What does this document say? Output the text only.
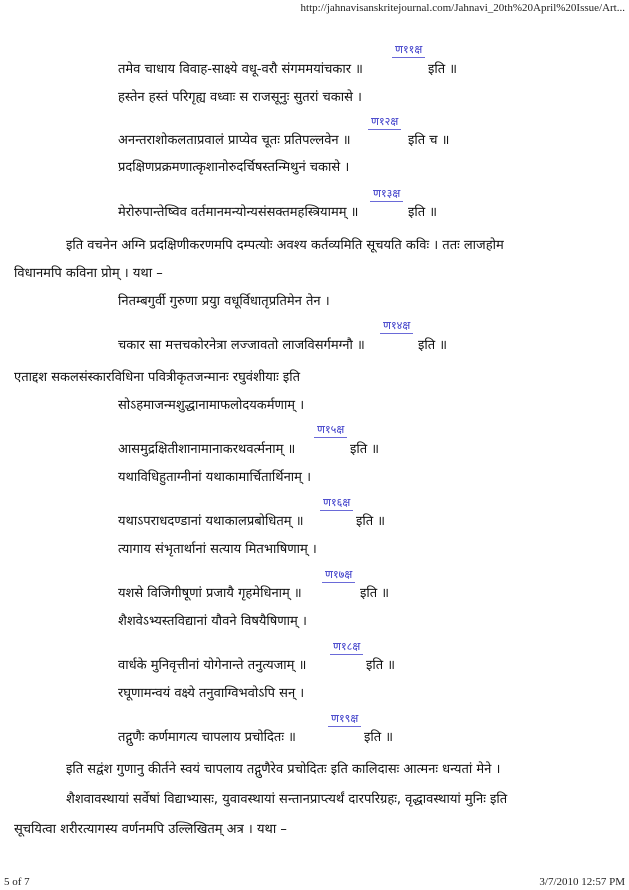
http://jahnavisanskritejournal.com/Jahnavi_20th%20April%20Issue/Art...
तमेव चाधाय विवाह-साक्ष्ये वधू-वरौ संगममयांचकार ॥
ण११क्ष
इति ॥
हस्तेन हस्तं परिगृह्य वध्वाः स राजसूनुः सुतरां चकासे ।
अनन्तराशोकलताप्रवालं प्राप्येव चूतः प्रतिपल्लवेन ॥
ण१२क्ष
इति च ॥
प्रदक्षिणप्रक्रमणात्कृशानोरुदर्चिषस्तन्मिथुनं चकासे ।
मेरोरुपान्तेष्विव वर्तमानमन्योन्यसंसक्तमहस्त्रियामम् ॥
ण१३क्ष
इति ॥
इति वचनेन अग्नि प्रदक्षिणीकरणमपि दम्पत्योः अवश्य कर्तव्यमिति सूचयति कविः । ततः लाजहोम
विधानमपि कविना प्रोम् । यथा –
नितम्बगुर्वी गुरुणा प्रयुा वधूर्विधातृप्रतिमेन तेन ।
चकार सा मत्तचकोरनेत्रा लज्जावतो लाजविसर्गमग्नौ ॥
ण१४क्ष
इति ॥
एताद्दश सकलसंस्कारविधिना पवित्रीकृतजन्मानः रघुवंशीयाः इति
सोऽहमाजन्मशुद्धानामाफलोदयकर्मणाम् ।
आसमुद्रक्षितीशानामानाकरथवर्त्मनाम् ॥
ण१५क्ष
इति ॥
यथाविधिहुताग्नीनां यथाकामार्चितार्थिनाम् ।
यथाऽपराधदण्डानां यथाकालप्रबोधितम् ॥
ण१६क्ष
इति ॥
त्यागाय संभृतार्थानां सत्याय मितभाषिणाम् ।
यशसे विजिगीषूणां प्रजायै गृहमेधिनाम् ॥
ण१७क्ष
इति ॥
शैशवेऽभ्यस्तविद्यानां यौवने विषयैषिणाम् ।
वार्धके मुनिवृत्तीनां योगेनान्ते तनुत्यजाम् ॥
ण१८क्ष
इति ॥
रघूणामन्वयं वक्ष्ये तनुवाग्विभवोऽपि सन् ।
तद्गुणैः कर्णमागत्य चापलाय प्रचोदितः ॥
ण१९क्ष
इति ॥
इति सद्वंश गुणानु कीर्तने स्वयं चापलाय तद्गुणैरेव प्रचोदितः इति कालिदासः आत्मनः धन्यतां मेने ।
शैशवावस्थायां सर्वेषां विद्याभ्यासः, युवावस्थायां सन्तानप्राप्त्यर्थं दारपरिग्रहः, वृद्धावस्थायां मुनिः इति
सूचयित्वा शरीरत्यागस्य वर्णनमपि उल्लिखितम् अत्र । यथा –
5 of 7	3/7/2010 12:57 PM
